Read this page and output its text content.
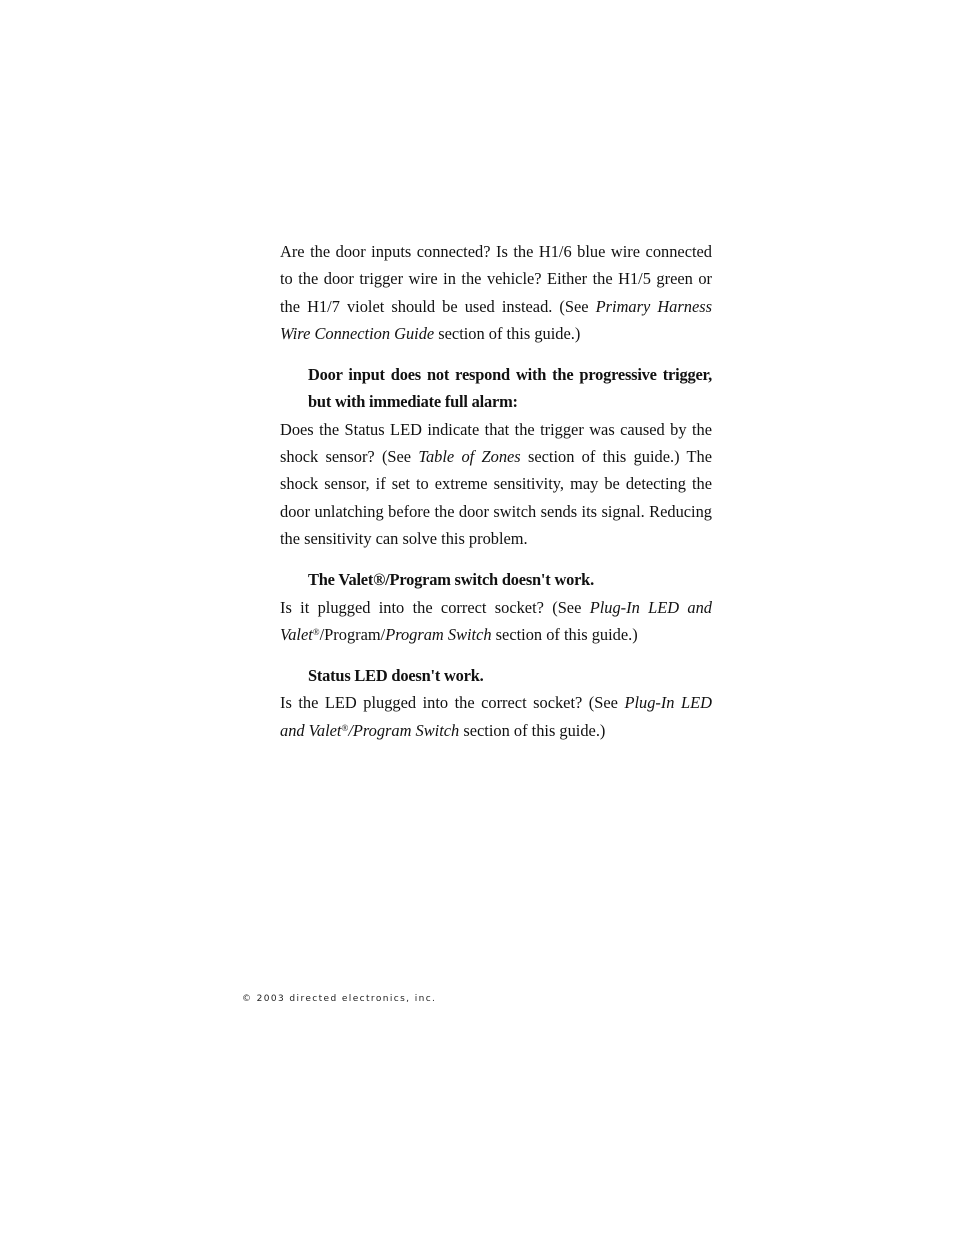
Are the door inputs connected? Is the H1/6 blue wire connected to the door trigger wire in the vehicle? Either the H1/5 green or the H1/7 violet should be used instead. (See Primary Harness Wire Connection Guide section of this guide.)

Door input does not respond with the progressive trigger, but with immediate full alarm:

Does the Status LED indicate that the trigger was caused by the shock sensor? (See Table of Zones section of this guide.) The shock sensor, if set to extreme sensitivity, may be detecting the door unlatching before the door switch sends its signal. Reducing the sensitivity can solve this problem.

The Valet®/Program switch doesn't work.

Is it plugged into the correct socket? (See Plug-In LED and Valet®/Program/Program Switch section of this guide.)

Status LED doesn't work.

Is the LED plugged into the correct socket? (See Plug-In LED and Valet®/Program Switch section of this guide.)

© 2003 directed electronics, inc.
